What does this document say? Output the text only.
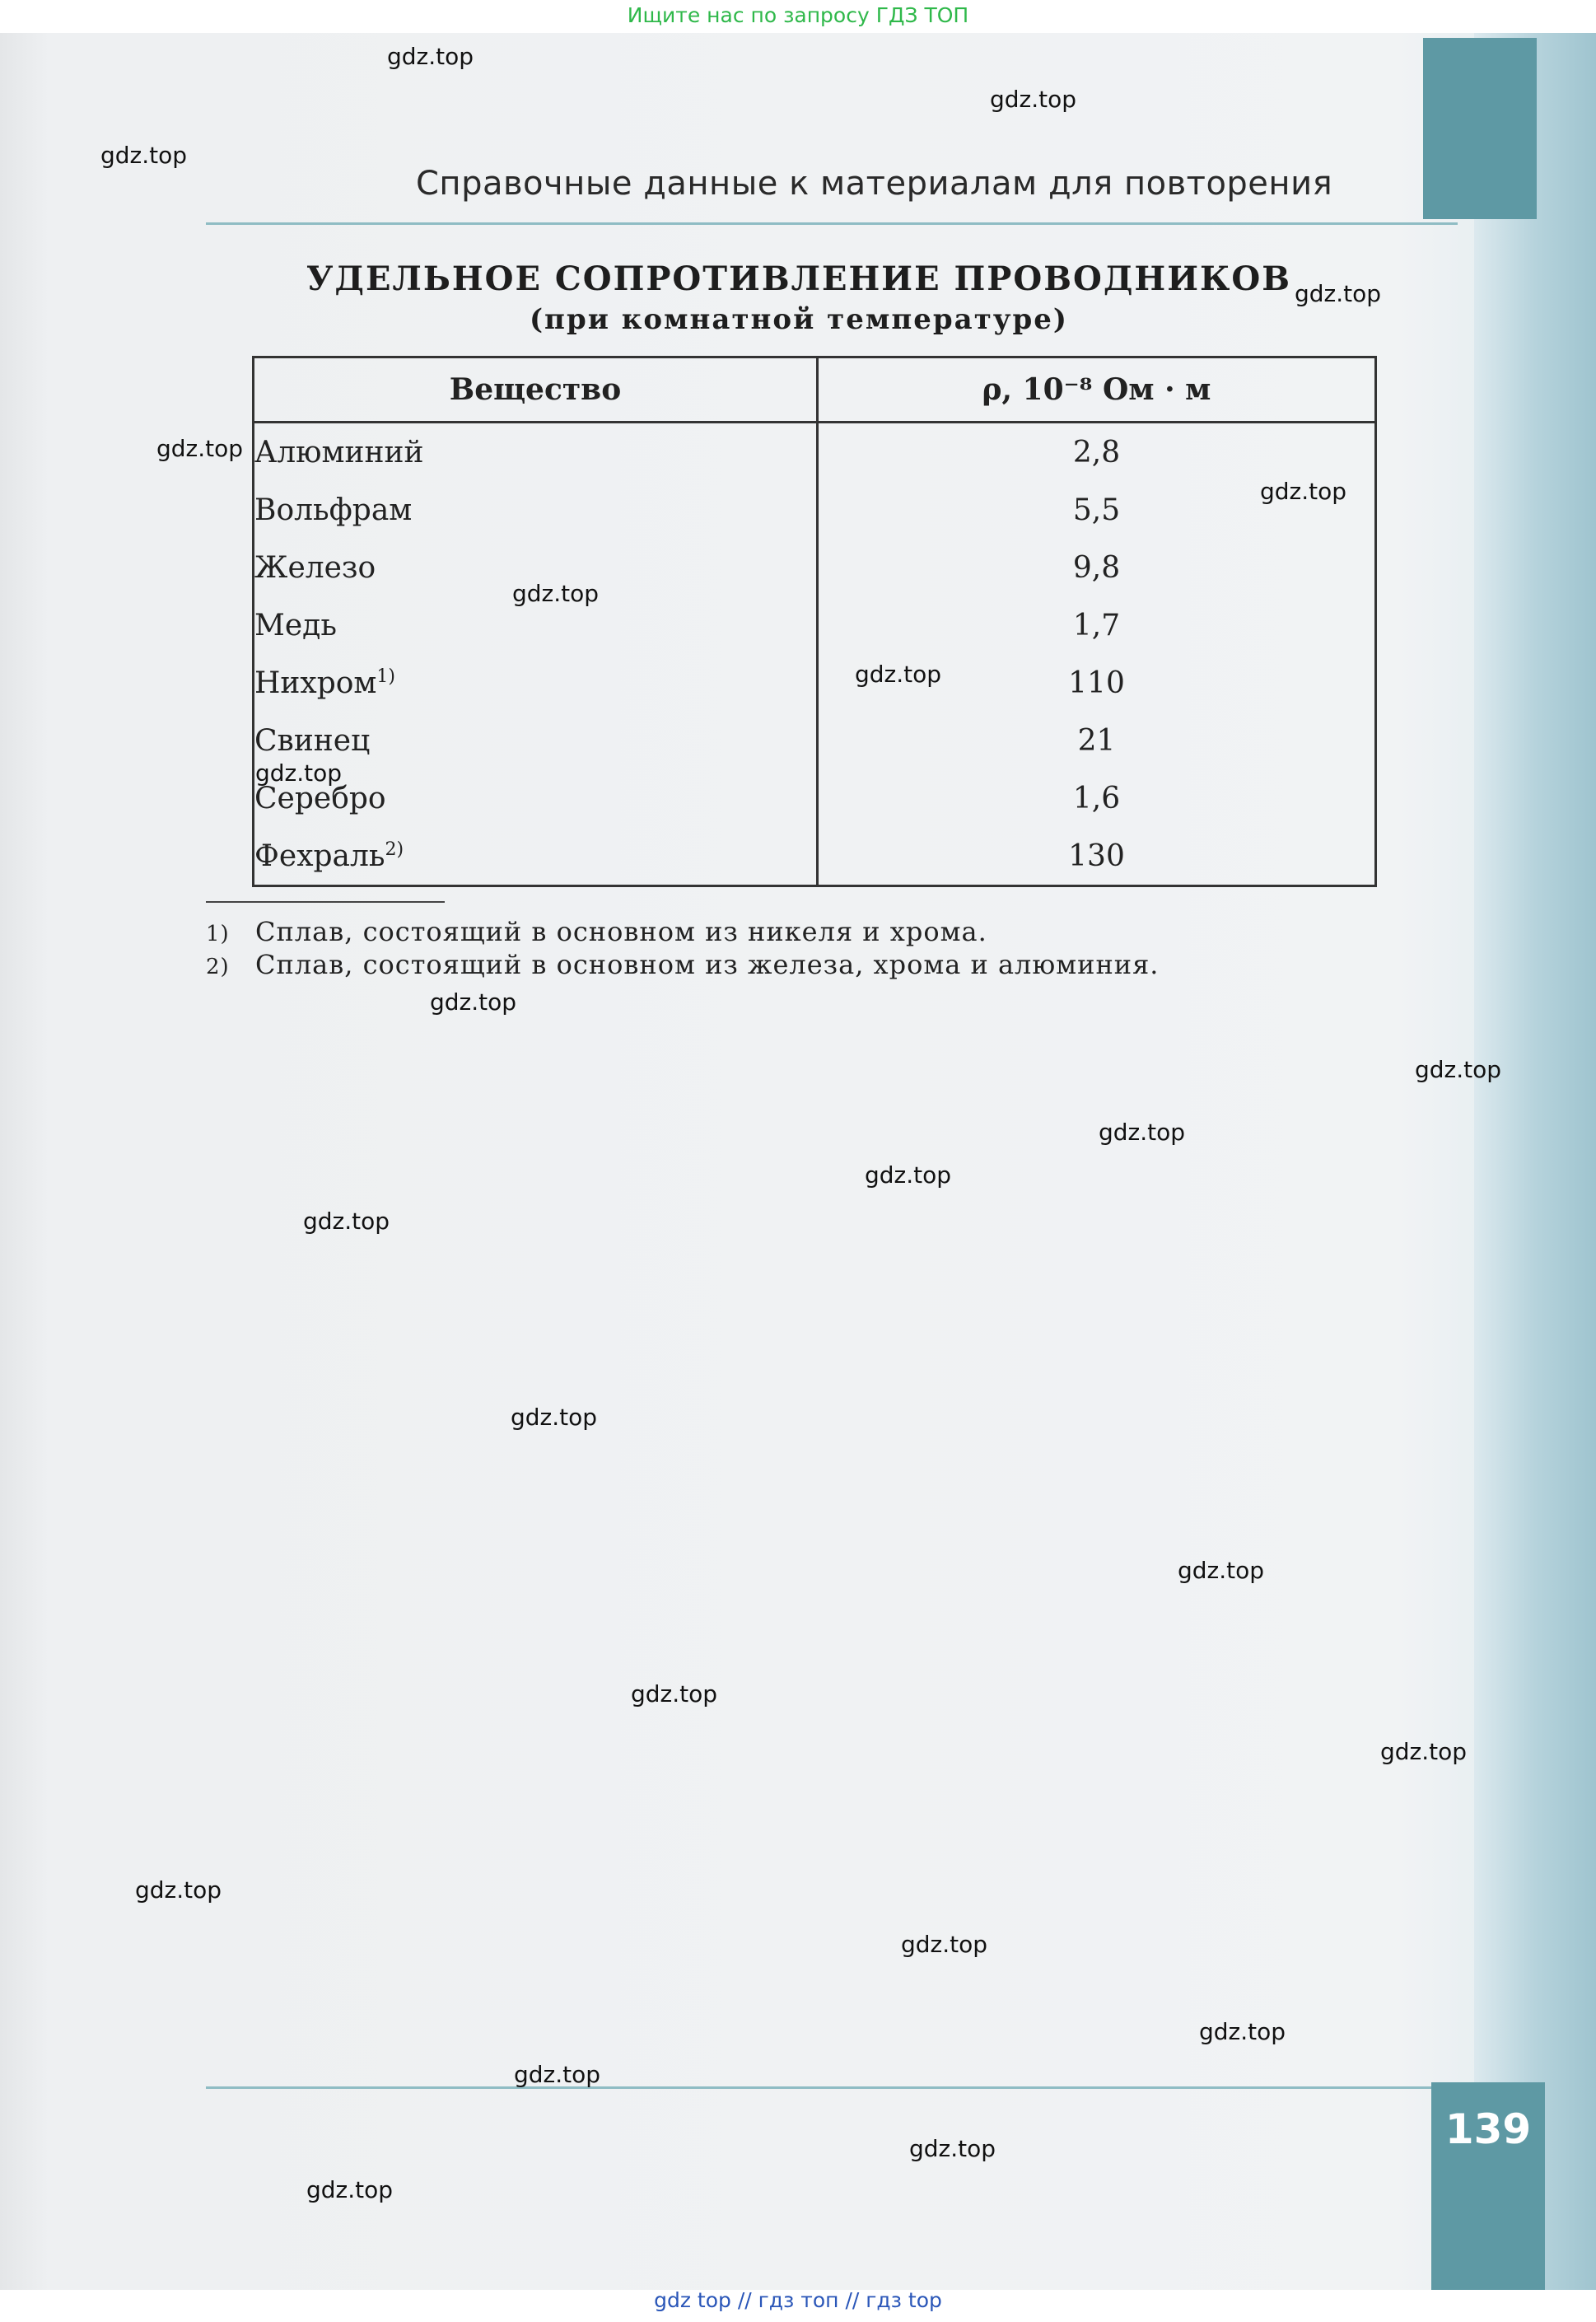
Ищите нас по запросу ГДЗ ТОП
Справочные данные к материалам для повторения
УДЕЛЬНОЕ СОПРОТИВЛЕНИЕ ПРОВОДНИКОВ
(при комнатной температуре)
Вещество	ρ, 10⁻⁸ Ом · м
Алюминий	2,8
Вольфрам	5,5
Железо	9,8
Медь	1,7
Нихром$^{1)}$	110
Свинец	21
Серебро	1,6
Фехраль$^{2)}$	130
1) Сплав, состоящий в основном из никеля и хрома.
2) Сплав, состоящий в основном из железа, хрома и алюминия.
139
gdz.top
gdz.top
gdz.top
gdz.top
gdz.top
gdz.top
gdz.top
gdz.top
gdz.top
gdz.top
gdz.top
gdz.top
gdz.top
gdz.top
gdz.top
gdz.top
gdz.top
gdz.top
gdz.top
gdz.top
gdz.top
gdz.top
gdz.top
gdz.top
gdz top // гдз топ // гдз top
